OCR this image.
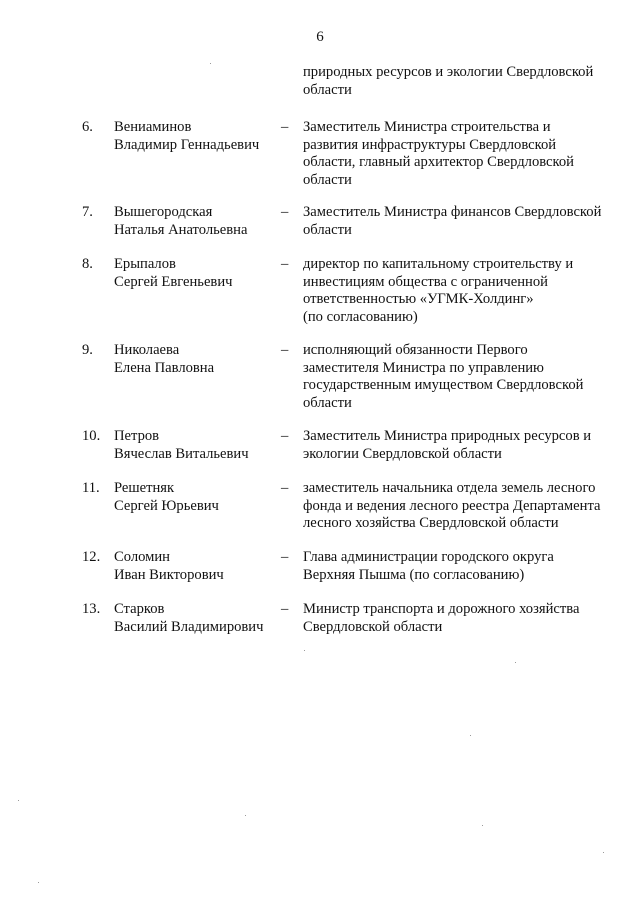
6
природных ресурсов и экологии Свердловской
области
6. Вениаминов
Владимир Геннадьевич
– Заместитель Министра строительства и
развития инфраструктуры Свердловской
области, главный архитектор Свердловской
области
7. Вышегородская
Наталья Анатольевна
– Заместитель Министра финансов Свердловской
области
8. Ерыпалов
Сергей Евгеньевич
– директор по капитальному строительству и
инвестициям общества с ограниченной
ответственностью «УГМК-Холдинг»
(по согласованию)
9. Николаева
Елена Павловна
– исполняющий обязанности Первого
заместителя Министра по управлению
государственным имуществом Свердловской
области
10. Петров
Вячеслав Витальевич
– Заместитель Министра природных ресурсов и
экологии Свердловской области
11. Решетняк
Сергей Юрьевич
– заместитель начальника отдела земель лесного
фонда и ведения лесного реестра Департамента
лесного хозяйства Свердловской области
12. Соломин
Иван Викторович
– Глава администрации городского округа
Верхняя Пышма (по согласованию)
13. Старков
Василий Владимирович
– Министр транспорта и дорожного хозяйства
Свердловской области
